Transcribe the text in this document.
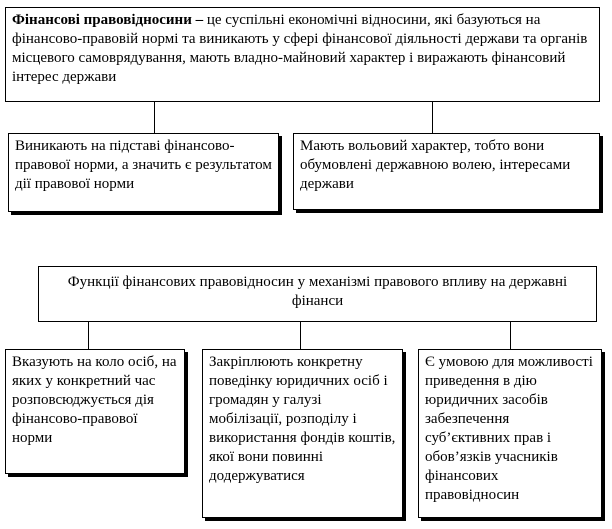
Фінансові правовідносини – це суспільні економічні відносини, які базуються на фінансово-правовій нормі та виникають у сфері фінансової діяльності держави та органів місцевого самоврядування, мають владно-майновий характер і виражають фінансовий інтерес держави
Виникають на підставі фінансово-правової норми, а значить є результатом дії правової норми
Мають вольовий характер, тобто вони обумовлені державною волею, інтересами держави
Функції фінансових правовідносин у механізмі правового впливу на державні фінанси
Вказують на коло осіб, на яких у конкретний час розповсюджується дія фінансово-правової норми
Закріплюють конкретну поведінку юридичних осіб і громадян у галузі мобілізації, розподілу і використання фондів коштів, якої вони повинні додержуватися
Є умовою для можливості приведення в дію юридичних засобів забезпечення суб’єктивних прав і обов’язків учасників фінансових правовідносин
